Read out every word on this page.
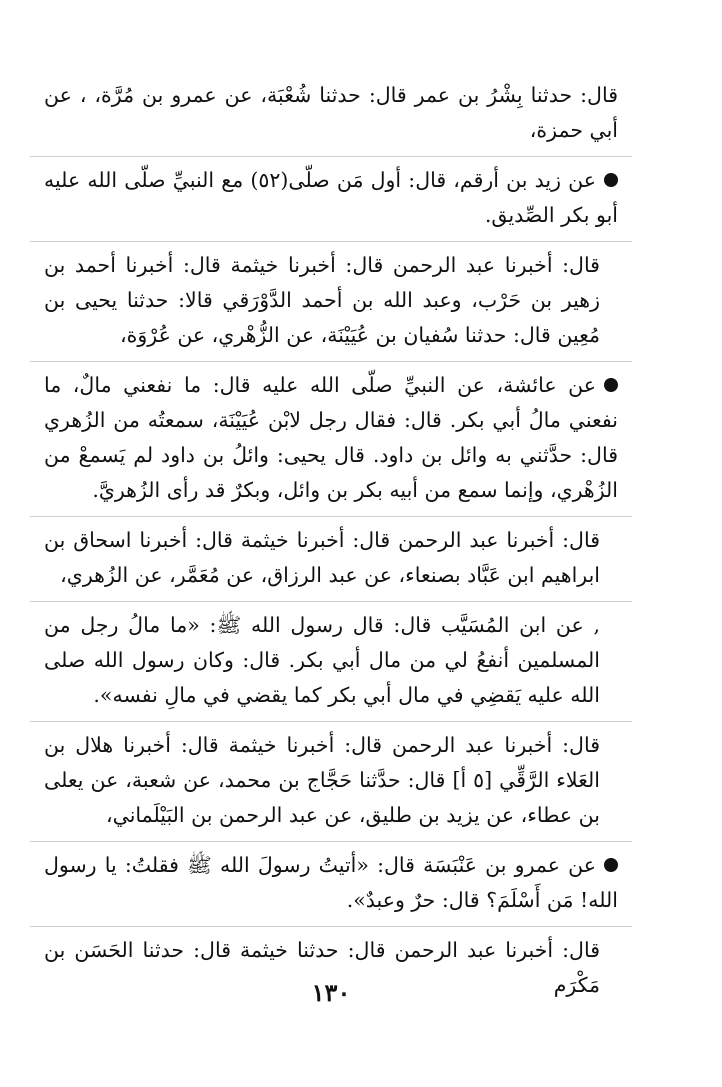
قال: حدثنا بِشْرُ بن عمر قال: حدثنا شُعْبَة، عن عمرو بن مُرَّة، ، عن أبي حمزة،

عن زيد بن أرقم، قال: أول مَن صلّى(٥٢) مع النبيِّ صلّى الله عليه أبو بكر الصِّديق.

قال: أخبرنا عبد الرحمن قال: أخبرنا خيثمة قال: أخبرنا أحمد بن زهير بن حَرْب، وعبد الله بن أحمد الدَّوْرَقي قالا: حدثنا يحيى بن مُعِين قال: حدثنا سُفيان بن عُيَيْنَة، عن الزُّهْري، عن عُرْوَة،

عن عائشة، عن النبيِّ صلّى الله عليه قال: ما نفعني مالٌ، ما نفعني مالُ أبي بكر. قال: فقال رجل لابْن عُيَيْنَة، سمعتُه من الزُهري قال: حدَّثني به وائل بن داود. قال يحيى: وائلُ بن داود لم يَسمعْ من الزُهْري، وإنما سمع من أبيه بكر بن وائل، وبكرٌ قد رأى الزُهريَّ.

قال: أخبرنا عبد الرحمن قال: أخبرنا خيثمة قال: أخبرنا اسحاق بن ابراهيم ابن عَبَّاد بصنعاء، عن عبد الرزاق، عن مُعَمَّر، عن الزُهري،

, عن ابن المُسَيَّب قال: قال رسول الله ﷺ: «ما مالُ رجل من المسلمين أنفعُ لي من مال أبي بكر. قال: وكان رسول الله صلى الله عليه يَقضِي في مال أبي بكر كما يقضي في مالِ نفسه».

قال: أخبرنا عبد الرحمن قال: أخبرنا خيثمة قال: أخبرنا هلال بن العَلاء الرَّقِّي [٥ أ] قال: حدَّثنا حَجَّاج بن محمد، عن شعبة، عن يعلى بن عطاء، عن يزيد بن طليق، عن عبد الرحمن بن البَيْلَماني،

عن عمرو بن عَنْبَسَة قال: «أتيتُ رسولَ الله ﷺ فقلتُ: يا رسول الله! مَن أَسْلَمَ؟ قال: حرٌ وعبدٌ».

قال: أخبرنا عبد الرحمن قال: حدثنا خيثمة قال: حدثنا الحَسَن بن مَكْرَم

١٣٠
